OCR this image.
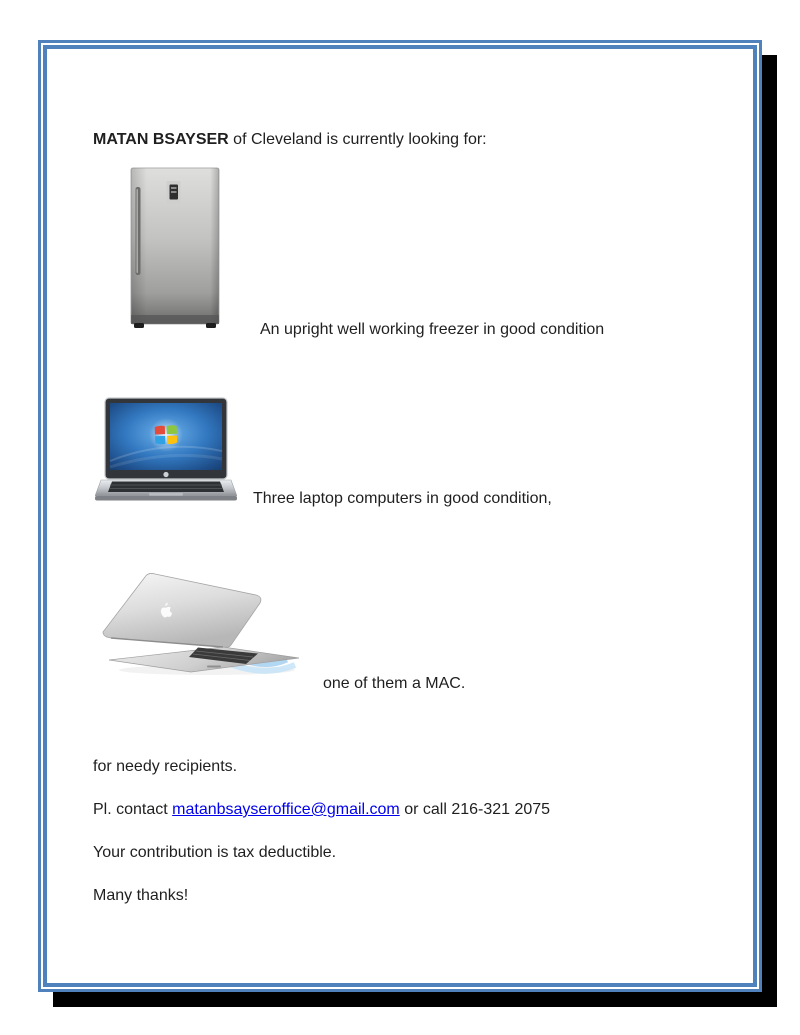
MATAN BSAYSER of Cleveland is currently looking for:

An upright well working freezer in good condition
Three laptop computers in good condition,
one of them a MAC.

for needy recipients.

Pl. contact matanbsayseroffice@gmail.com or call 216-321 2075

Your contribution is tax deductible.

Many thanks!
